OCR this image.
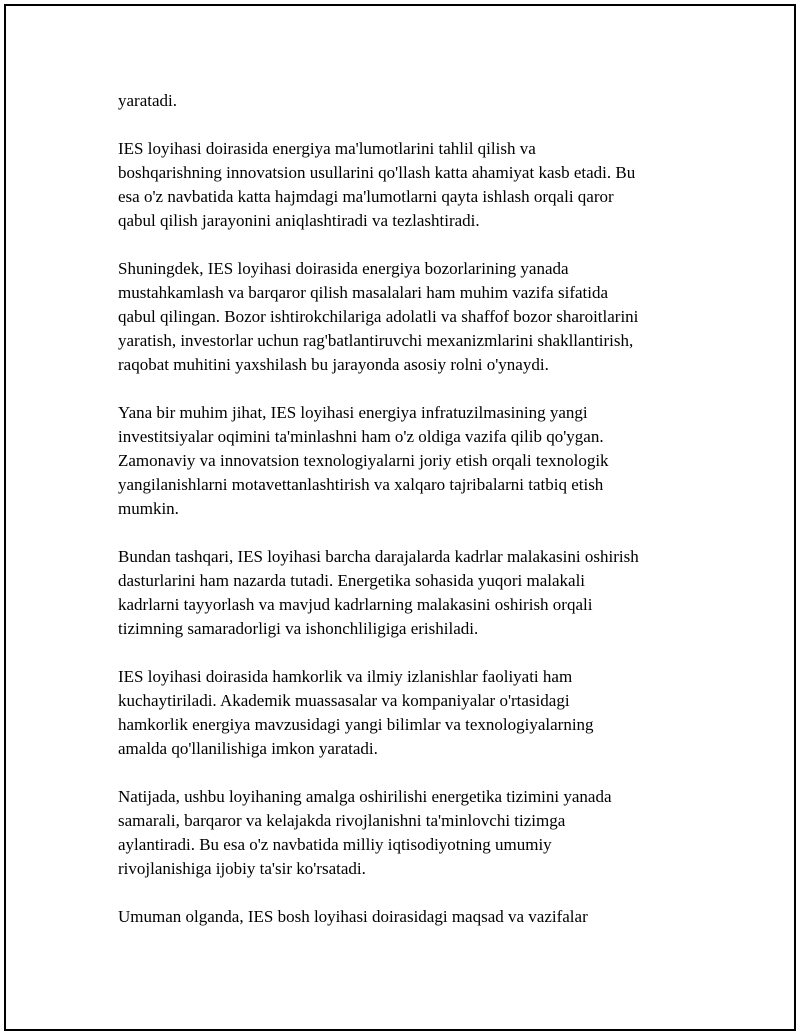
yaratadi.

IES loyihasi doirasida energiya ma'lumotlarini tahlil qilish va
boshqarishning innovatsion usullarini qo'llash katta ahamiyat kasb etadi. Bu
esa o'z navbatida katta hajmdagi ma'lumotlarni qayta ishlash orqali qaror
qabul qilish jarayonini aniqlashtiradi va tezlashtiradi.

Shuningdek, IES loyihasi doirasida energiya bozorlarining yanada
mustahkamlash va barqaror qilish masalalari ham muhim vazifa sifatida
qabul qilingan. Bozor ishtirokchilariga adolatli va shaffof bozor sharoitlarini
yaratish, investorlar uchun rag'batlantiruvchi mexanizmlarini shakllantirish,
raqobat muhitini yaxshilash bu jarayonda asosiy rolni o'ynaydi.

Yana bir muhim jihat, IES loyihasi energiya infratuzilmasining yangi
investitsiyalar oqimini ta'minlashni ham o'z oldiga vazifa qilib qo'ygan.
Zamonaviy va innovatsion texnologiyalarni joriy etish orqali texnologik
yangilanishlarni motavettanlashtirish va xalqaro tajribalarni tatbiq etish
mumkin.

Bundan tashqari, IES loyihasi barcha darajalarda kadrlar malakasini oshirish
dasturlarini ham nazarda tutadi. Energetika sohasida yuqori malakali
kadrlarni tayyorlash va mavjud kadrlarning malakasini oshirish orqali
tizimning samaradorligi va ishonchliligiga erishiladi.

IES loyihasi doirasida hamkorlik va ilmiy izlanishlar faoliyati ham
kuchaytiriladi. Akademik muassasalar va kompaniyalar o'rtasidagi
hamkorlik energiya mavzusidagi yangi bilimlar va texnologiyalarning
amalda qo'llanilishiga imkon yaratadi.

Natijada, ushbu loyihaning amalga oshirilishi energetika tizimini yanada
samarali, barqaror va kelajakda rivojlanishni ta'minlovchi tizimga
aylantiradi. Bu esa o'z navbatida milliy iqtisodiyotning umumiy
rivojlanishiga ijobiy ta'sir ko'rsatadi.

Umuman olganda, IES bosh loyihasi doirasidagi maqsad va vazifalar
